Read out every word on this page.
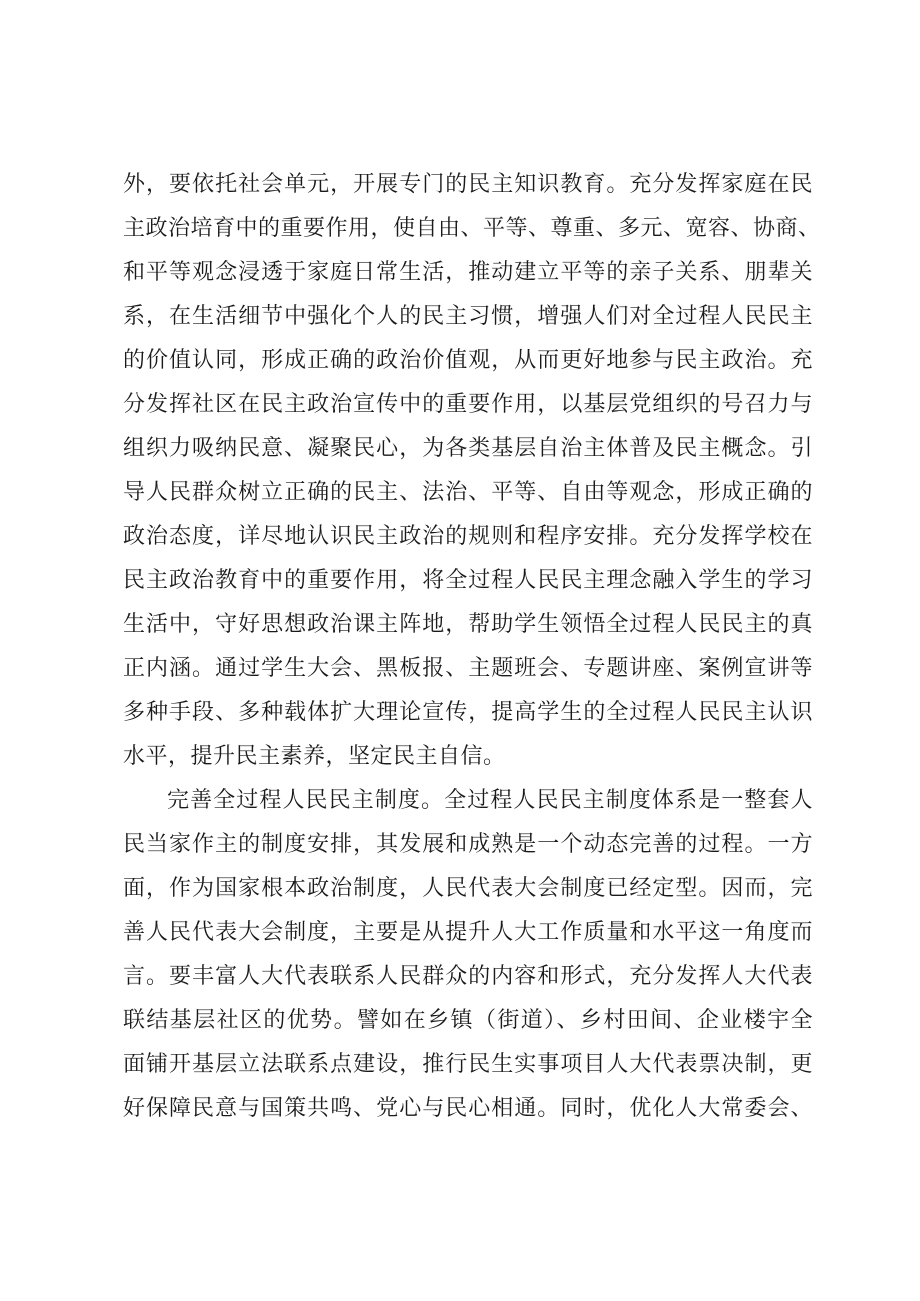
外，要依托社会单元，开展专门的民主知识教育。充分发挥家庭在民
主政治培育中的重要作用，使自由、平等、尊重、多元、宽容、协商、
和平等观念浸透于家庭日常生活，推动建立平等的亲子关系、朋辈关
系，在生活细节中强化个人的民主习惯，增强人们对全过程人民民主
的价值认同，形成正确的政治价值观，从而更好地参与民主政治。充
分发挥社区在民主政治宣传中的重要作用，以基层党组织的号召力与
组织力吸纳民意、凝聚民心，为各类基层自治主体普及民主概念。引
导人民群众树立正确的民主、法治、平等、自由等观念，形成正确的
政治态度，详尽地认识民主政治的规则和程序安排。充分发挥学校在
民主政治教育中的重要作用，将全过程人民民主理念融入学生的学习
生活中，守好思想政治课主阵地，帮助学生领悟全过程人民民主的真
正内涵。通过学生大会、黑板报、主题班会、专题讲座、案例宣讲等
多种手段、多种载体扩大理论宣传，提高学生的全过程人民民主认识
水平，提升民主素养，坚定民主自信。
完善全过程人民民主制度。全过程人民民主制度体系是一整套人
民当家作主的制度安排，其发展和成熟是一个动态完善的过程。一方
面，作为国家根本政治制度，人民代表大会制度已经定型。因而，完
善人民代表大会制度，主要是从提升人大工作质量和水平这一角度而
言。要丰富人大代表联系人民群众的内容和形式，充分发挥人大代表
联结基层社区的优势。譬如在乡镇（街道）、乡村田间、企业楼宇全
面铺开基层立法联系点建设，推行民生实事项目人大代表票决制，更
好保障民意与国策共鸣、党心与民心相通。同时，优化人大常委会、
